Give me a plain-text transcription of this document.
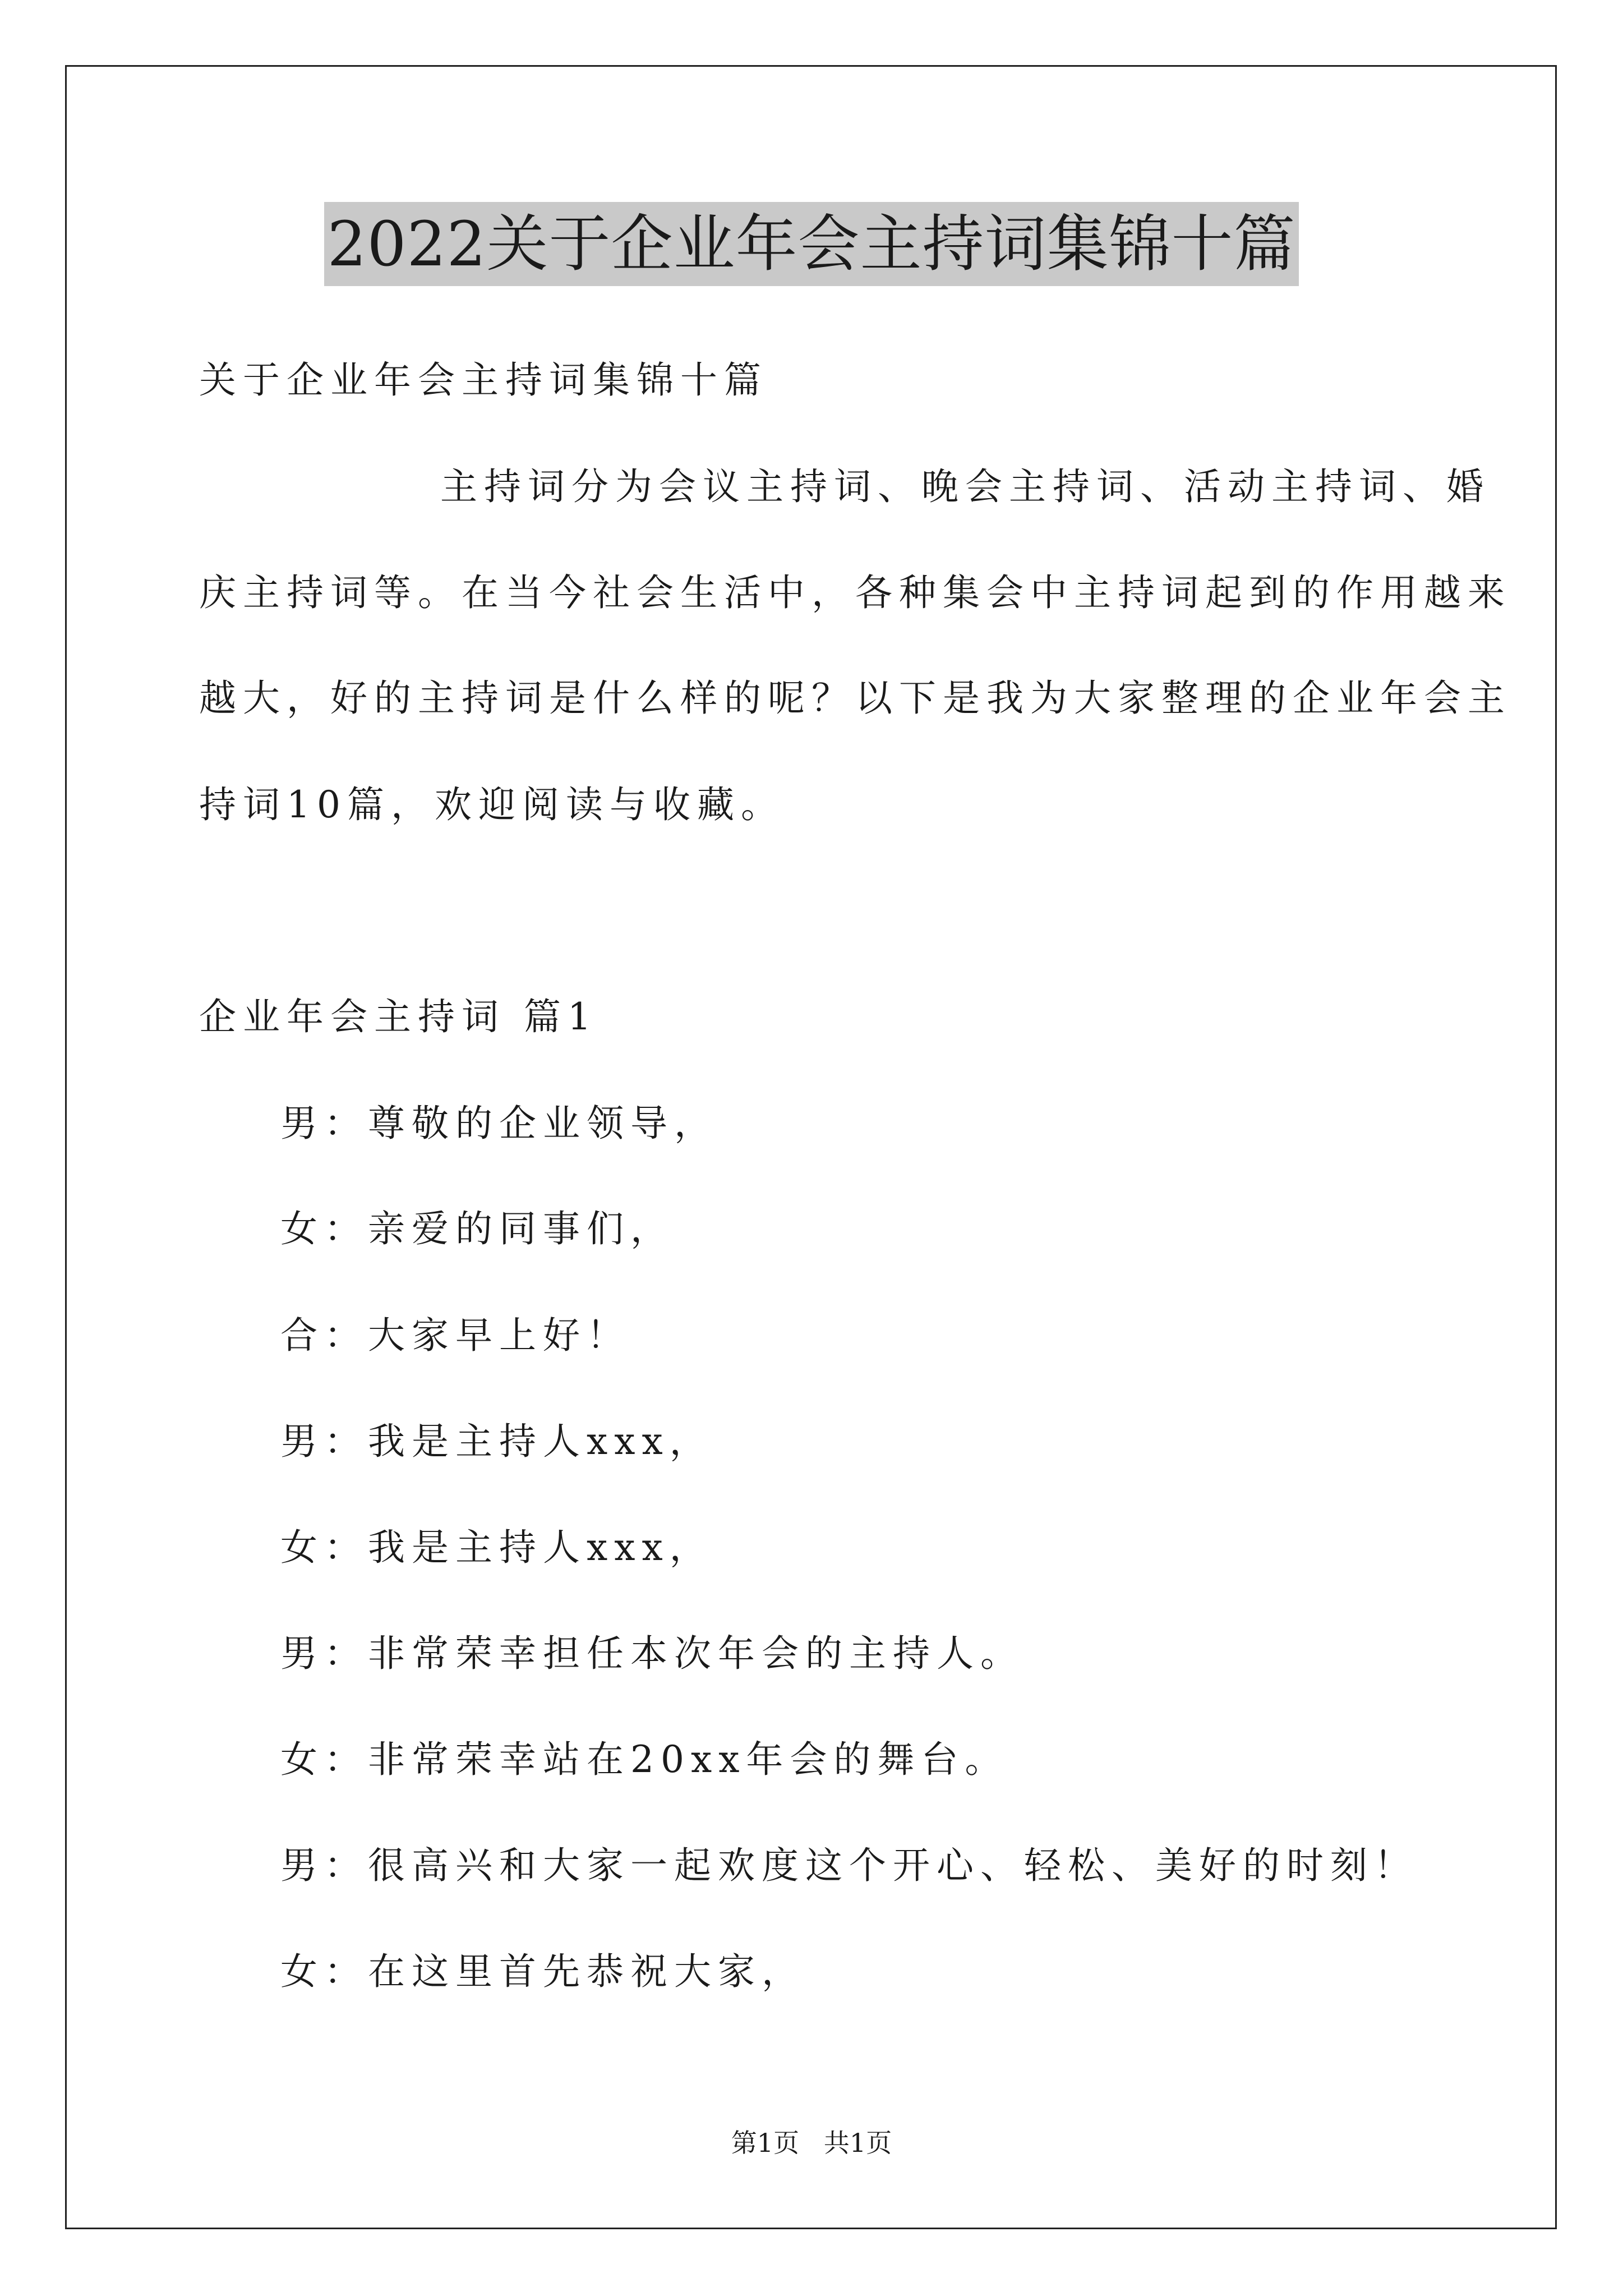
2022关于企业年会主持词集锦十篇
关于企业年会主持词集锦十篇
主持词分为会议主持词、晚会主持词、活动主持词、婚
庆主持词等。在当今社会生活中，各种集会中主持词起到的作用越来
越大，好的主持词是什么样的呢？以下是我为大家整理的企业年会主
持词10篇，欢迎阅读与收藏。
企业年会主持词 篇1
男：尊敬的企业领导，
女：亲爱的同事们，
合：大家早上好！
男：我是主持人xxx，
女：我是主持人xxx，
男：非常荣幸担任本次年会的主持人。
女：非常荣幸站在20xx年会的舞台。
男：很高兴和大家一起欢度这个开心、轻松、美好的时刻！
女：在这里首先恭祝大家，
第1页   共1页
